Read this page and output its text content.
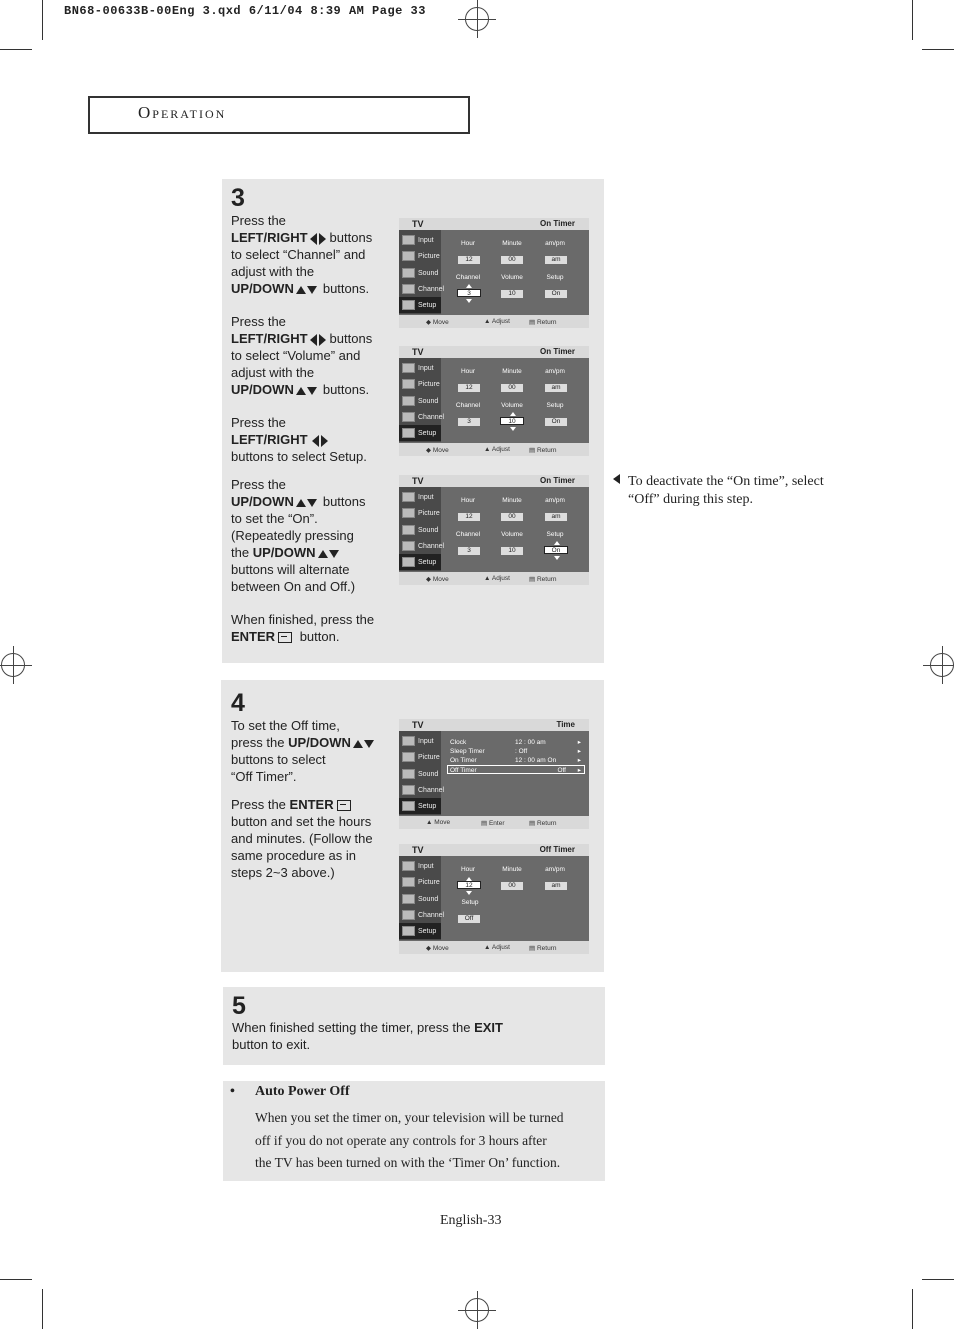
BN68-00633B-00Eng 3.qxd 6/11/04 8:39 AM Page 33
Operation
3
Press the
LEFT/RIGHT buttons
to select “Channel” and
adjust with the
UP/DOWN buttons.
Press the
LEFT/RIGHT buttons
to select “Volume” and
adjust with the
UP/DOWN buttons.
Press the
LEFT/RIGHT
buttons to select Setup.
Press the
UP/DOWN buttons
to set the “On”.
(Repeatedly pressing
the UP/DOWN
buttons will alternate
between On and Off.)
When finished, press the
ENTER button.
TV	On Timer
Input
Picture
Sound
Channel
Setup
Hour	Minute	am/pm
12	00	am
Channel	Volume	Setup
3	10	On
◆ Move	▲ Adjust	▤ Return
TV	On Timer
Input
Picture
Sound
Channel
Setup
Hour	Minute	am/pm
12	00	am
Channel	Volume	Setup
3	10	On
◆ Move	▲ Adjust	▤ Return
TV	On Timer
Input
Picture
Sound
Channel
Setup
Hour	Minute	am/pm
12	00	am
Channel	Volume	Setup
3	10	On
◆ Move	▲ Adjust	▤ Return
To deactivate the “On time”, select “Off” during this step.
4
To set the Off time,
press the UP/DOWN
buttons to select
“Off Timer”.
Press the ENTER
button and set the hours
and minutes. (Follow the
same procedure as in
steps 2~3 above.)
TV	Time
Input
Picture
Sound
Channel
Setup
Clock	12 : 00 am	▸
Sleep Timer	: Off	▸
On Timer	12 : 00 am On	▸
Off Timer	Off ▸
▲ Move	▤ Enter	▤ Return
TV	Off Timer
Input
Picture
Sound
Channel
Setup
Hour	Minute	am/pm
12	00	am
Setup
Off
◆ Move	▲ Adjust	▤ Return
5
When finished setting the timer, press the EXIT
button to exit.
• Auto Power Off
When you set the timer on, your television will be turned
off if you do not operate any controls for 3 hours after
the TV has been turned on with the ‘Timer On’ function.
English-33
